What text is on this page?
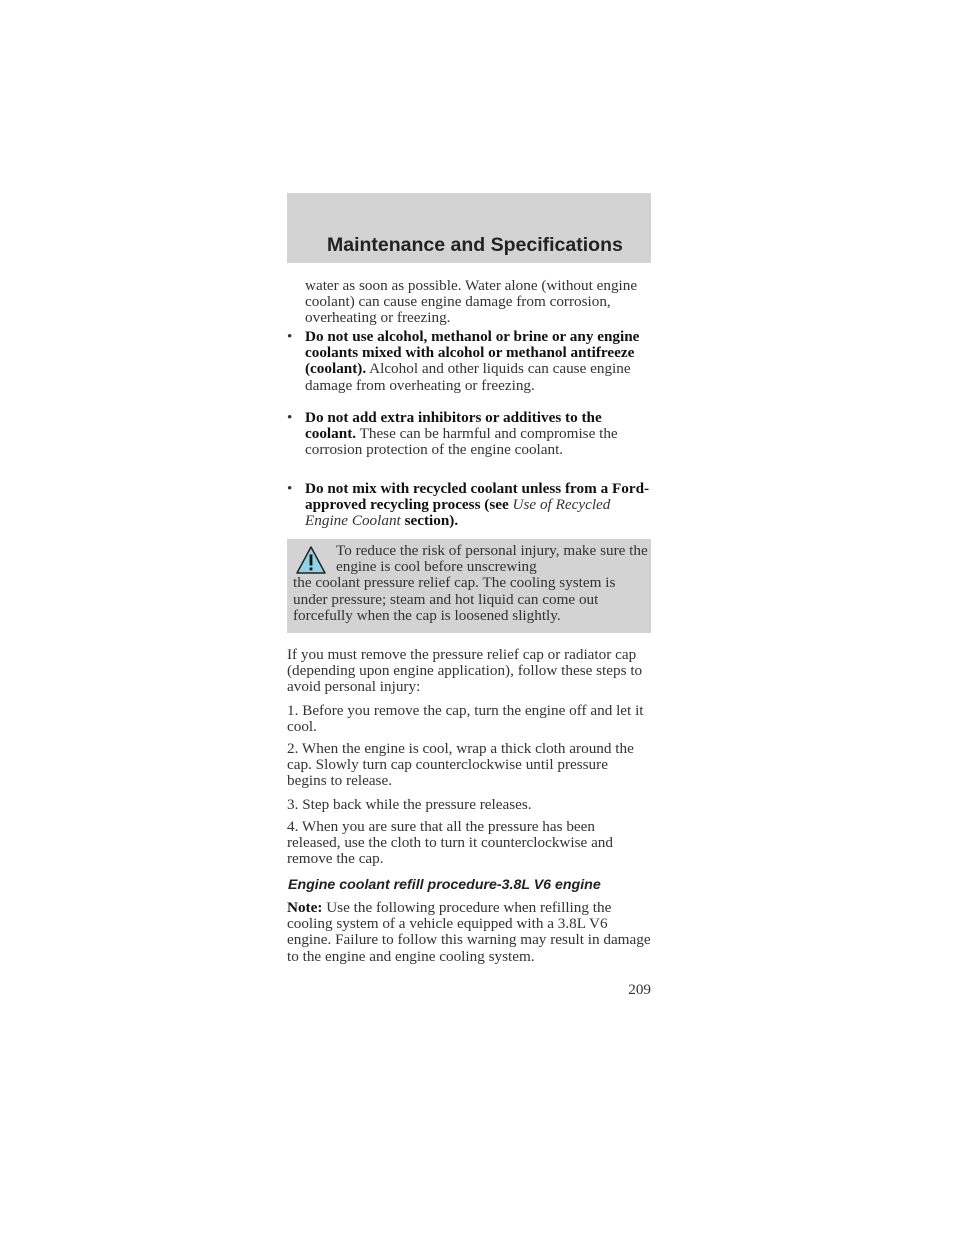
Maintenance and Specifications
water as soon as possible. Water alone (without engine coolant) can cause engine damage from corrosion, overheating or freezing.
• Do not use alcohol, methanol or brine or any engine coolants mixed with alcohol or methanol antifreeze (coolant). Alcohol and other liquids can cause engine damage from overheating or freezing.
• Do not add extra inhibitors or additives to the coolant. These can be harmful and compromise the corrosion protection of the engine coolant.
• Do not mix with recycled coolant unless from a Ford-approved recycling process (see Use of Recycled Engine Coolant section).
To reduce the risk of personal injury, make sure the engine is cool before unscrewing
the coolant pressure relief cap. The cooling system is under pressure; steam and hot liquid can come out forcefully when the cap is loosened slightly.
If you must remove the pressure relief cap or radiator cap (depending upon engine application), follow these steps to avoid personal injury:
1. Before you remove the cap, turn the engine off and let it cool.
2. When the engine is cool, wrap a thick cloth around the cap. Slowly turn cap counterclockwise until pressure begins to release.
3. Step back while the pressure releases.
4. When you are sure that all the pressure has been released, use the cloth to turn it counterclockwise and remove the cap.
Engine coolant refill procedure-3.8L V6 engine
Note: Use the following procedure when refilling the cooling system of a vehicle equipped with a 3.8L V6 engine. Failure to follow this warning may result in damage to the engine and engine cooling system.
209
